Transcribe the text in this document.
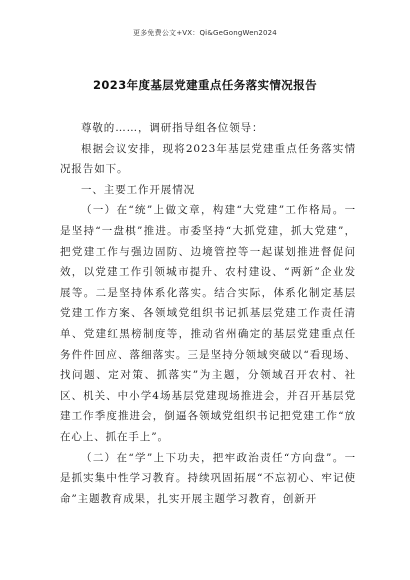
更多免费公文+VX：Qi&GeGongWen2024
2023年度基层党建重点任务落实情况报告

尊敬的……，调研指导组各位领导：

根据会议安排，现将2023年基层党建重点任务落实情况报告如下。

一、主要工作开展情况

（一）在“统”上做文章，构建“大党建”工作格局。一是坚持“一盘棋”推进。市委坚持“大抓党建，抓大党建”，把党建工作与强边固防、边境管控等一起谋划推进督促问效，以党建工作引领城市提升、农村建设、“两新”企业发展等。二是坚持体系化落实。结合实际，体系化制定基层党建工作方案、各领域党组织书记抓基层党建工作责任清单、党建红黑榜制度等，推动省州确定的基层党建重点任务件件回应、落细落实。三是坚持分领域突破以“看现场、找问题、定对策、抓落实”为主题，分领域召开农村、社区、机关、中小学4场基层党建现场推进会，并召开基层党建工作季度推进会，倒逼各领域党组织书记把党建工作“放在心上、抓在手上”。

（二）在“学”上下功夫，把牢政治责任“方向盘”。一是抓实集中性学习教育。持续巩固拓展“不忘初心、牢记使命”主题教育成果，扎实开展主题学习教育，创新开
